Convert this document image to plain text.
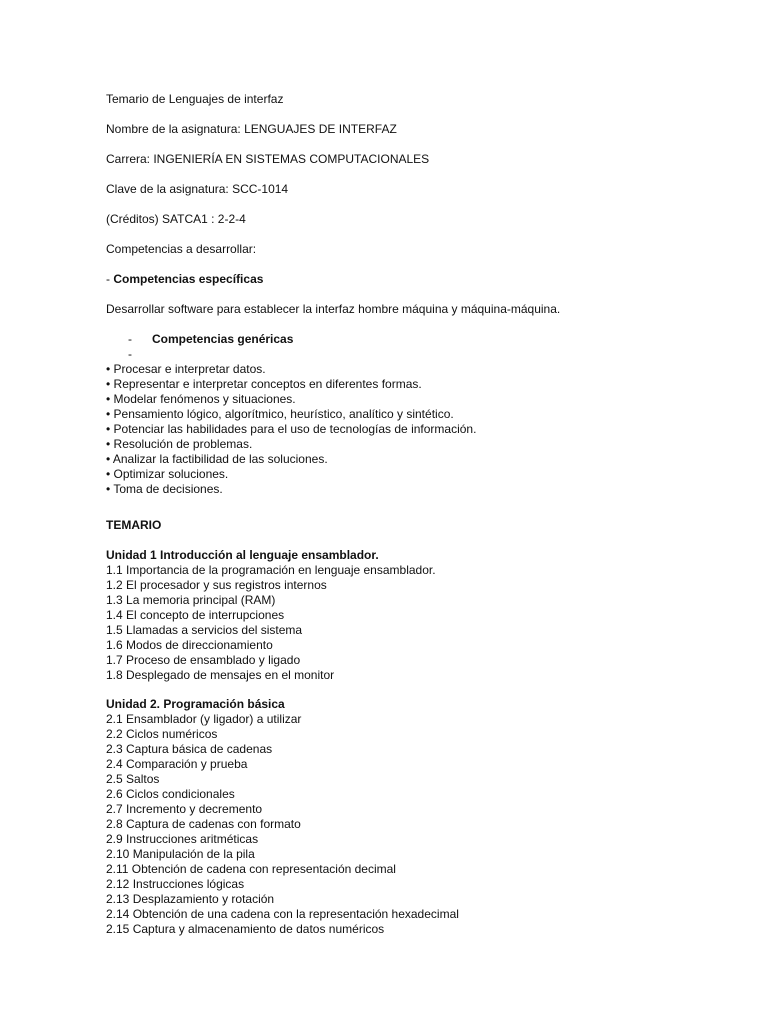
Temario de Lenguajes de interfaz

Nombre de la asignatura: LENGUAJES DE INTERFAZ

Carrera: INGENIERÍA EN SISTEMAS COMPUTACIONALES

Clave de la asignatura: SCC-1014

(Créditos) SATCA1 : 2-2-4

Competencias a desarrollar:

- Competencias específicas

Desarrollar software para establecer la interfaz hombre máquina y máquina-máquina.

- Competencias genéricas
-

• Procesar e interpretar datos.

• Representar e interpretar conceptos en diferentes formas.

• Modelar fenómenos y situaciones.

• Pensamiento lógico, algorítmico, heurístico, analítico y sintético.

• Potenciar las habilidades para el uso de tecnologías de información.

• Resolución de problemas.

• Analizar la factibilidad de las soluciones.

• Optimizar soluciones.

• Toma de decisiones.

TEMARIO

Unidad 1 Introducción al lenguaje ensamblador.

1.1 Importancia de la programación en lenguaje ensamblador.

1.2 El procesador y sus registros internos

1.3 La memoria principal (RAM)

1.4 El concepto de interrupciones

1.5 Llamadas a servicios del sistema

1.6 Modos de direccionamiento

1.7 Proceso de ensamblado y ligado

1.8 Desplegado de mensajes en el monitor

Unidad 2. Programación básica

2.1 Ensamblador (y ligador) a utilizar

2.2 Ciclos numéricos

2.3 Captura básica de cadenas

2.4 Comparación y prueba

2.5 Saltos

2.6 Ciclos condicionales

2.7 Incremento y decremento

2.8 Captura de cadenas con formato

2.9 Instrucciones aritméticas

2.10 Manipulación de la pila

2.11 Obtención de cadena con representación decimal

2.12 Instrucciones lógicas

2.13 Desplazamiento y rotación

2.14 Obtención de una cadena con la representación hexadecimal

2.15 Captura y almacenamiento de datos numéricos
